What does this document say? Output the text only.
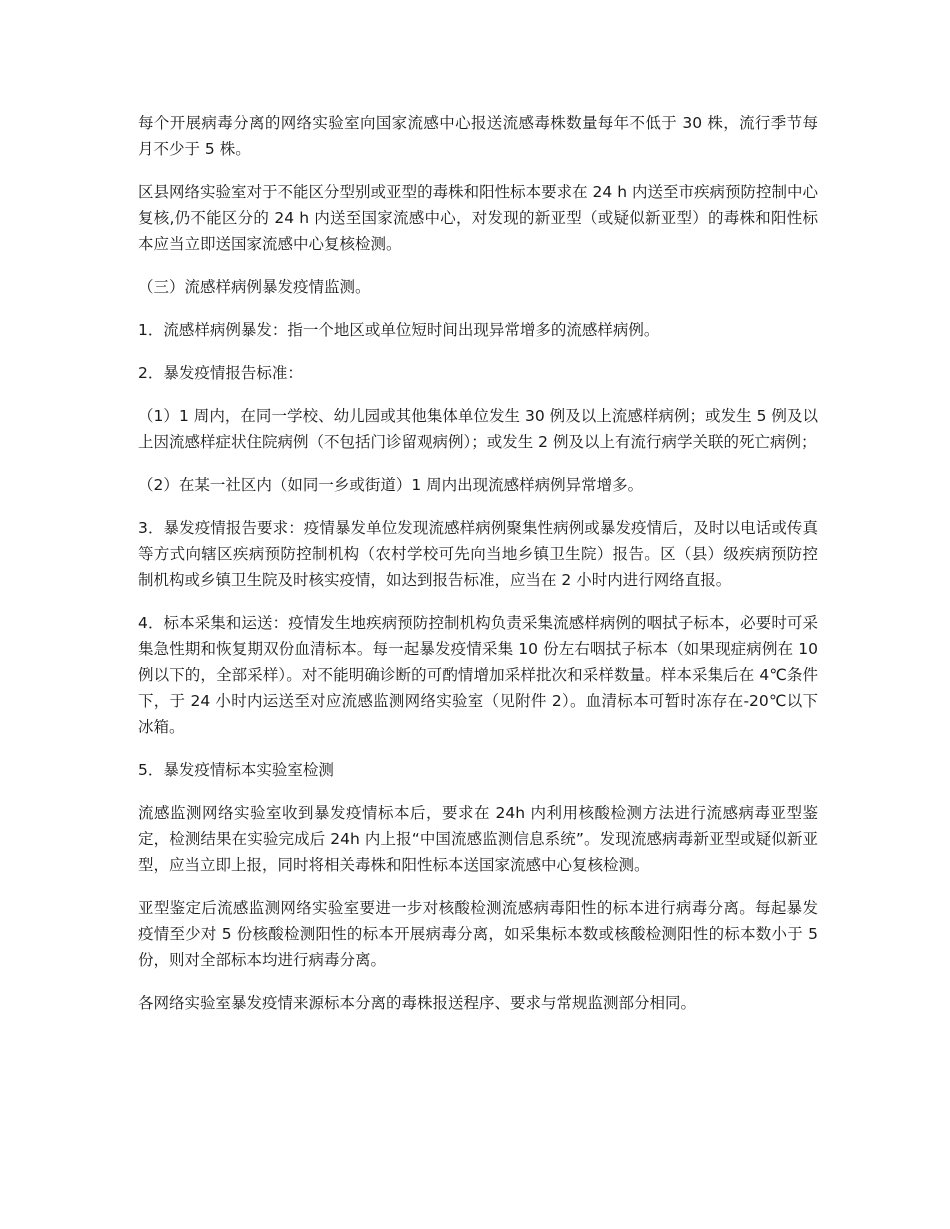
每个开展病毒分离的网络实验室向国家流感中心报送流感毒株数量每年不低于 30 株，流行季节每月不少于 5 株。

区县网络实验室对于不能区分型别或亚型的毒株和阳性标本要求在 24 h 内送至市疾病预防控制中心复核,仍不能区分的 24 h 内送至国家流感中心，对发现的新亚型（或疑似新亚型）的毒株和阳性标本应当立即送国家流感中心复核检测。

（三）流感样病例暴发疫情监测。

1．流感样病例暴发：指一个地区或单位短时间出现异常增多的流感样病例。

2．暴发疫情报告标准：

（1）1 周内，在同一学校、幼儿园或其他集体单位发生 30 例及以上流感样病例；或发生 5 例及以上因流感样症状住院病例（不包括门诊留观病例）；或发生 2 例及以上有流行病学关联的死亡病例；

（2）在某一社区内（如同一乡或街道）1 周内出现流感样病例异常增多。

3．暴发疫情报告要求：疫情暴发单位发现流感样病例聚集性病例或暴发疫情后，及时以电话或传真等方式向辖区疾病预防控制机构（农村学校可先向当地乡镇卫生院）报告。区（县）级疾病预防控制机构或乡镇卫生院及时核实疫情，如达到报告标准，应当在 2 小时内进行网络直报。

4．标本采集和运送：疫情发生地疾病预防控制机构负责采集流感样病例的咽拭子标本，必要时可采集急性期和恢复期双份血清标本。每一起暴发疫情采集 10 份左右咽拭子标本（如果现症病例在 10 例以下的，全部采样）。对不能明确诊断的可酌情增加采样批次和采样数量。样本采集后在 4℃条件下，于 24 小时内运送至对应流感监测网络实验室（见附件 2）。血清标本可暂时冻存在-20℃以下冰箱。

5．暴发疫情标本实验室检测

流感监测网络实验室收到暴发疫情标本后，要求在 24h 内利用核酸检测方法进行流感病毒亚型鉴定，检测结果在实验完成后 24h 内上报“中国流感监测信息系统”。发现流感病毒新亚型或疑似新亚型，应当立即上报，同时将相关毒株和阳性标本送国家流感中心复核检测。

亚型鉴定后流感监测网络实验室要进一步对核酸检测流感病毒阳性的标本进行病毒分离。每起暴发疫情至少对 5 份核酸检测阳性的标本开展病毒分离，如采集标本数或核酸检测阳性的标本数小于 5 份，则对全部标本均进行病毒分离。

各网络实验室暴发疫情来源标本分离的毒株报送程序、要求与常规监测部分相同。
